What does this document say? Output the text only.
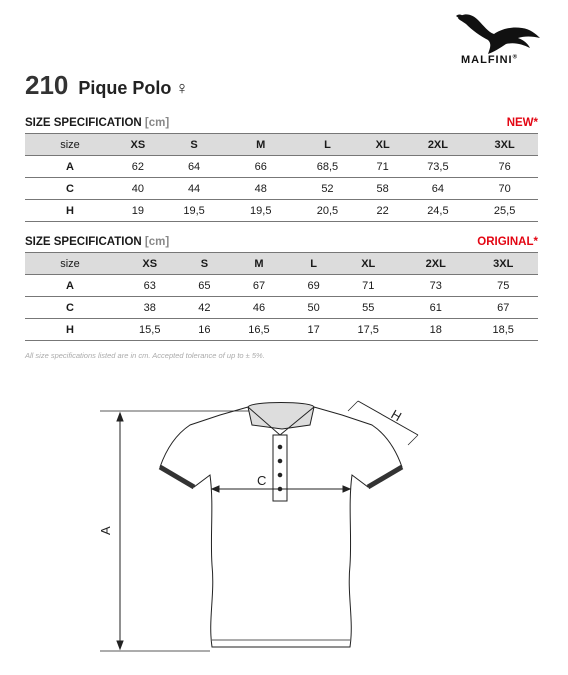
MALFINI®
210 Pique Polo ♀
SIZE SPECIFICATION [cm]	NEW*
size	XS	S	M	L	XL	2XL	3XL
A	62	64	66	68,5	71	73,5	76
C	40	44	48	52	58	64	70
H	19	19,5	19,5	20,5	22	24,5	25,5
SIZE SPECIFICATION [cm]	ORIGINAL*
size	XS	S	M	L	XL	2XL	3XL
A	63	65	67	69	71	73	75
C	38	42	46	50	55	61	67
H	15,5	16	16,5	17	17,5	18	18,5
All size specifications listed are in cm. Accepted tolerance of up to ± 5%.
A
C
H
